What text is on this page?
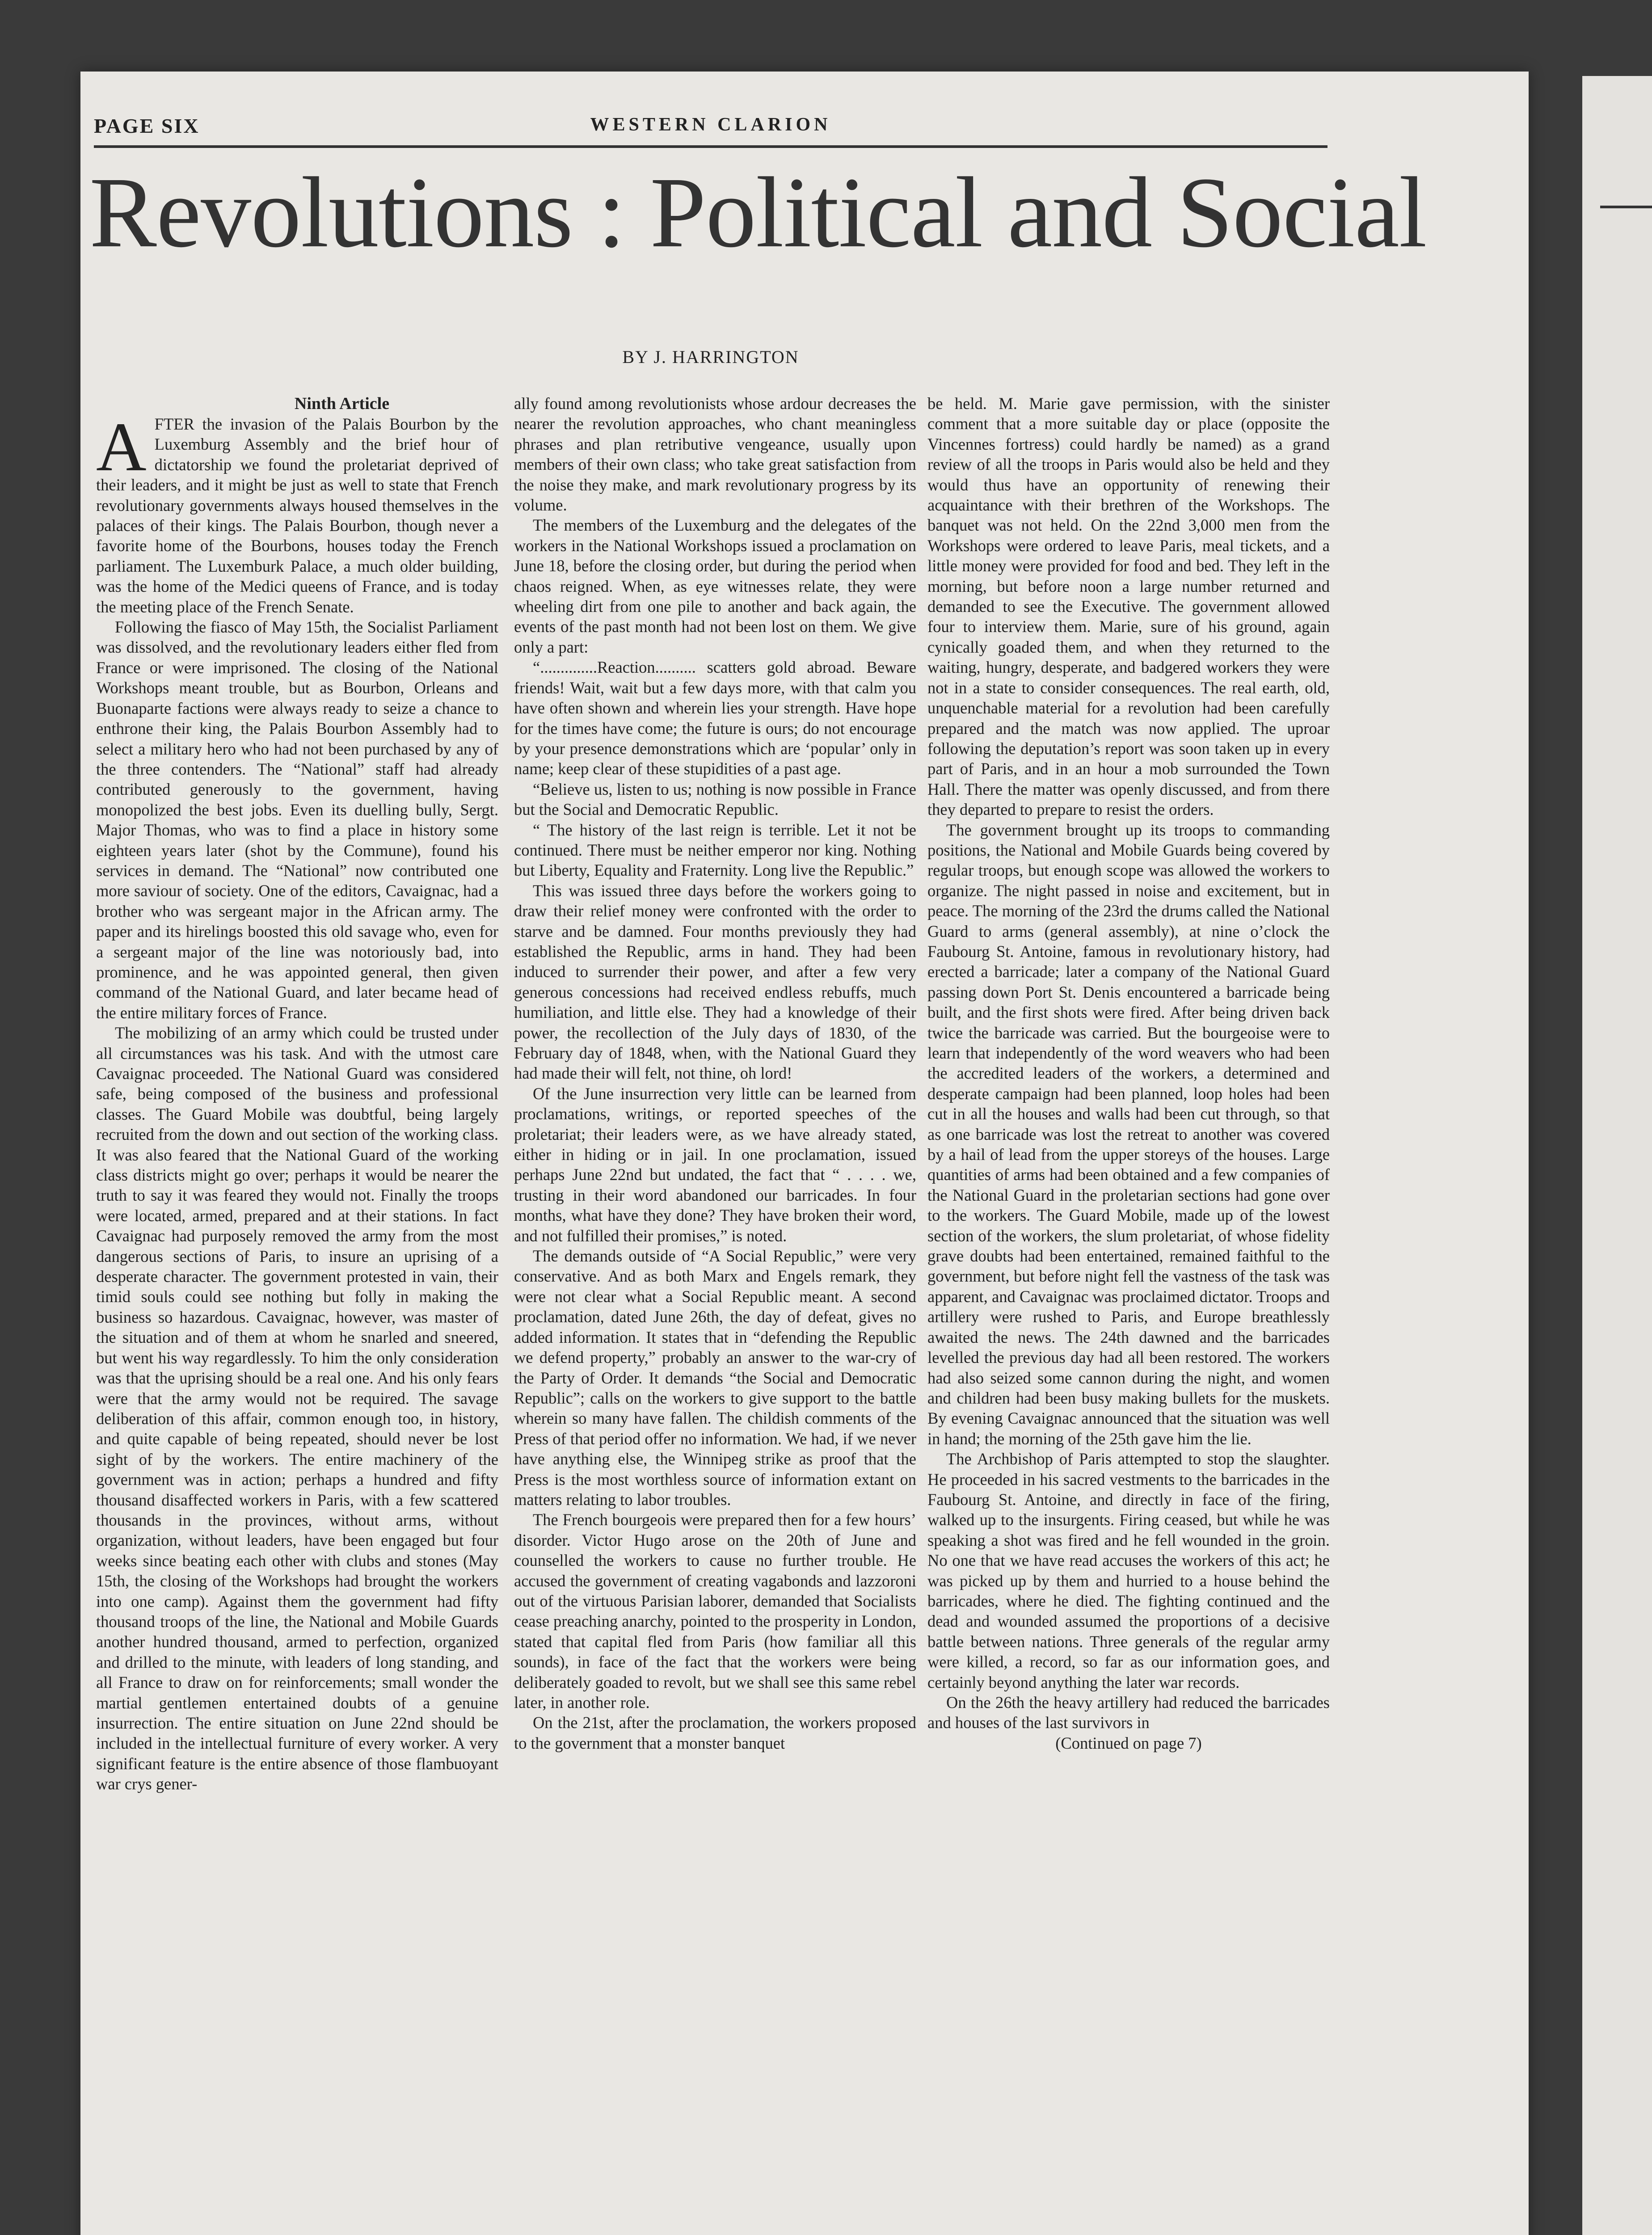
PAGE SIX	WESTERN CLARION
Revolutions : Political and Social
BY J. HARRINGTON
Ninth Article

AFTER the invasion of the Palais Bourbon by the Luxemburg Assembly and the brief hour of dictatorship we found the proletariat deprived of their leaders, and it might be just as well to state that French revolutionary governments always housed themselves in the palaces of their kings. The Palais Bourbon, though never a favorite home of the Bourbons, houses today the French parliament. The Luxemburk Palace, a much older building, was the home of the Medici queens of France, and is today the meeting place of the French Senate.

Following the fiasco of May 15th, the Socialist Parliament was dissolved, and the revolutionary leaders either fled from France or were imprisoned. The closing of the National Workshops meant trouble, but as Bourbon, Orleans and Buonaparte factions were always ready to seize a chance to enthrone their king, the Palais Bourbon Assembly had to select a military hero who had not been purchased by any of the three contenders. The “National” staff had already contributed generously to the government, having monopolized the best jobs. Even its duelling bully, Sergt. Major Thomas, who was to find a place in history some eighteen years later (shot by the Commune), found his services in demand. The “National” now contributed one more saviour of society. One of the editors, Cavaignac, had a brother who was sergeant major in the African army. The paper and its hirelings boosted this old savage who, even for a sergeant major of the line was notoriously bad, into prominence, and he was appointed general, then given command of the National Guard, and later became head of the entire military forces of France.

The mobilizing of an army which could be trusted under all circumstances was his task. And with the utmost care Cavaignac proceeded. The National Guard was considered safe, being composed of the business and professional classes. The Guard Mobile was doubtful, being largely recruited from the down and out section of the working class. It was also feared that the National Guard of the working class districts might go over; perhaps it would be nearer the truth to say it was feared they would not. Finally the troops were located, armed, prepared and at their stations. In fact Cavaignac had purposely removed the army from the most dangerous sections of Paris, to insure an uprising of a desperate character. The government protested in vain, their timid souls could see nothing but folly in making the business so hazardous. Cavaignac, however, was master of the situation and of them at whom he snarled and sneered, but went his way regardlessly. To him the only consideration was that the uprising should be a real one. And his only fears were that the army would not be required. The savage deliberation of this affair, common enough too, in history, and quite capable of being repeated, should never be lost sight of by the workers. The entire machinery of the government was in action; perhaps a hundred and fifty thousand disaffected workers in Paris, with a few scattered thousands in the provinces, without arms, without organization, without leaders, have been engaged but four weeks since beating each other with clubs and stones (May 15th, the closing of the Workshops had brought the workers into one camp). Against them the government had fifty thousand troops of the line, the National and Mobile Guards another hundred thousand, armed to perfection, organized and drilled to the minute, with leaders of long standing, and all France to draw on for reinforcements; small wonder the martial gentlemen entertained doubts of a genuine insurrection. The entire situation on June 22nd should be included in the intellectual furniture of every worker. A very significant feature is the entire absence of those flambuoyant war crys gener-

ally found among revolutionists whose ardour decreases the nearer the revolution approaches, who chant meaningless phrases and plan retributive vengeance, usually upon members of their own class; who take great satisfaction from the noise they make, and mark revolutionary progress by its volume.

The members of the Luxemburg and the delegates of the workers in the National Workshops issued a proclamation on June 18, before the closing order, but during the period when chaos reigned. When, as eye witnesses relate, they were wheeling dirt from one pile to another and back again, the events of the past month had not been lost on them. We give only a part:

“..............Reaction.......... scatters gold abroad. Beware friends! Wait, wait but a few days more, with that calm you have often shown and wherein lies your strength. Have hope for the times have come; the future is ours; do not encourage by your presence demonstrations which are ‘popular’ only in name; keep clear of these stupidities of a past age.

“Believe us, listen to us; nothing is now possible in France but the Social and Democratic Republic.

“ The history of the last reign is terrible. Let it not be continued. There must be neither emperor nor king. Nothing but Liberty, Equality and Fraternity. Long live the Republic.”

This was issued three days before the workers going to draw their relief money were confronted with the order to starve and be damned. Four months previously they had established the Republic, arms in hand. They had been induced to surrender their power, and after a few very generous concessions had received endless rebuffs, much humiliation, and little else. They had a knowledge of their power, the recollection of the July days of 1830, of the February day of 1848, when, with the National Guard they had made their will felt, not thine, oh lord!

Of the June insurrection very little can be learned from proclamations, writings, or reported speeches of the proletariat; their leaders were, as we have already stated, either in hiding or in jail. In one proclamation, issued perhaps June 22nd but undated, the fact that “ . . . . we, trusting in their word abandoned our barricades. In four months, what have they done? They have broken their word, and not fulfilled their promises,” is noted.

The demands outside of “A Social Republic,” were very conservative. And as both Marx and Engels remark, they were not clear what a Social Republic meant. A second proclamation, dated June 26th, the day of defeat, gives no added information. It states that in “defending the Republic we defend property,” probably an answer to the war-cry of the Party of Order. It demands “the Social and Democratic Republic”; calls on the workers to give support to the battle wherein so many have fallen. The childish comments of the Press of that period offer no information. We had, if we never have anything else, the Winnipeg strike as proof that the Press is the most worthless source of information extant on matters relating to labor troubles.

The French bourgeois were prepared then for a few hours’ disorder. Victor Hugo arose on the 20th of June and counselled the workers to cause no further trouble. He accused the government of creating vagabonds and lazzoroni out of the virtuous Parisian laborer, demanded that Socialists cease preaching anarchy, pointed to the prosperity in London, stated that capital fled from Paris (how familiar all this sounds), in face of the fact that the workers were being deliberately goaded to revolt, but we shall see this same rebel later, in another role.

On the 21st, after the proclamation, the workers proposed to the government that a monster banquet

be held. M. Marie gave permission, with the sinister comment that a more suitable day or place (opposite the Vincennes fortress) could hardly be named) as a grand review of all the troops in Paris would also be held and they would thus have an opportunity of renewing their acquaintance with their brethren of the Workshops. The banquet was not held. On the 22nd 3,000 men from the Workshops were ordered to leave Paris, meal tickets, and a little money were provided for food and bed. They left in the morning, but before noon a large number returned and demanded to see the Executive. The government allowed four to interview them. Marie, sure of his ground, again cynically goaded them, and when they returned to the waiting, hungry, desperate, and badgered workers they were not in a state to consider consequences. The real earth, old, unquenchable material for a revolution had been carefully prepared and the match was now applied. The uproar following the deputation’s report was soon taken up in every part of Paris, and in an hour a mob surrounded the Town Hall. There the matter was openly discussed, and from there they departed to prepare to resist the orders.

The government brought up its troops to commanding positions, the National and Mobile Guards being covered by regular troops, but enough scope was allowed the workers to organize. The night passed in noise and excitement, but in peace. The morning of the 23rd the drums called the National Guard to arms (general assembly), at nine o’clock the Faubourg St. Antoine, famous in revolutionary history, had erected a barricade; later a company of the National Guard passing down Port St. Denis encountered a barricade being built, and the first shots were fired. After being driven back twice the barricade was carried. But the bourgeoise were to learn that independently of the word weavers who had been the accredited leaders of the workers, a determined and desperate campaign had been planned, loop holes had been cut in all the houses and walls had been cut through, so that as one barricade was lost the retreat to another was covered by a hail of lead from the upper storeys of the houses. Large quantities of arms had been obtained and a few companies of the National Guard in the proletarian sections had gone over to the workers. The Guard Mobile, made up of the lowest section of the workers, the slum proletariat, of whose fidelity grave doubts had been entertained, remained faithful to the government, but before night fell the vastness of the task was apparent, and Cavaignac was proclaimed dictator. Troops and artillery were rushed to Paris, and Europe breathlessly awaited the news. The 24th dawned and the barricades levelled the previous day had all been restored. The workers had also seized some cannon during the night, and women and children had been busy making bullets for the muskets. By evening Cavaignac announced that the situation was well in hand; the morning of the 25th gave him the lie.

The Archbishop of Paris attempted to stop the slaughter. He proceeded in his sacred vestments to the barricades in the Faubourg St. Antoine, and directly in face of the firing, walked up to the insurgents. Firing ceased, but while he was speaking a shot was fired and he fell wounded in the groin. No one that we have read accuses the workers of this act; he was picked up by them and hurried to a house behind the barricades, where he died. The fighting continued and the dead and wounded assumed the proportions of a decisive battle between nations. Three generals of the regular army were killed, a record, so far as our information goes, and certainly beyond anything the later war records.

On the 26th the heavy artillery had reduced the barricades and houses of the last survivors in

(Continued on page 7)
